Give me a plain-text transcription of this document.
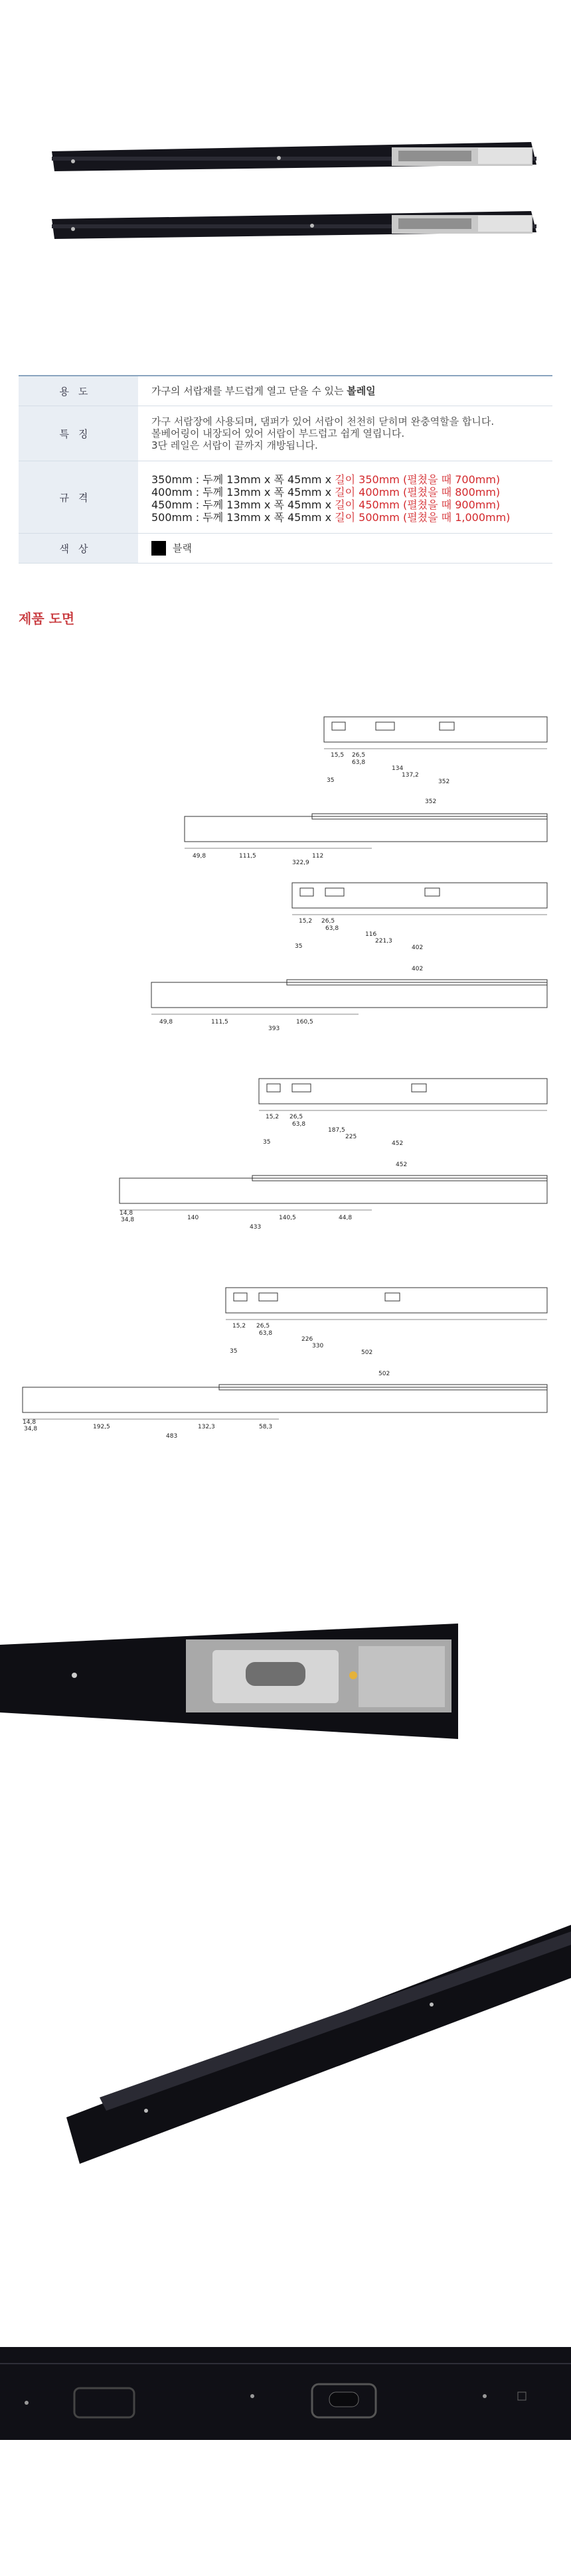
용도	가구의 서랍재를 부드럽게 열고 닫을 수 있는 볼레일
특징
가구 서랍장에 사용되며, 댐퍼가 있어 서랍이 천천히 닫히며 완충역할을 합니다.
볼베어링이 내장되어 있어 서랍이 부드럽고 쉽게 열립니다.
3단 레일은 서랍이 끝까지 개방됩니다.
규격
350mm : 두께 13mm x 폭 45mm x 길이 350mm (펼쳤을 때 700mm)
400mm : 두께 13mm x 폭 45mm x 길이 400mm (펼쳤을 때 800mm)
450mm : 두께 13mm x 폭 45mm x 길이 450mm (펼쳤을 때 900mm)
500mm : 두께 13mm x 폭 45mm x 길이 500mm (펼쳤을 때 1,000mm)
색상	블랙
제품 도면
15,5 26,5
63,8
134
137,2
35	352
352
49,8	111,5	112
322,9
15,2 26,5
63,8
116
221,3
35	402
402
49,8	111,5	160,5
393
15,2 26,5
63,8
187,5
225
35	452
452
14,8
34,8	140	140,5	44,8
433
15,2 26,5
63,8
226
330
35	502
502
14,8
34,8	192,5	132,3	58,3
483
